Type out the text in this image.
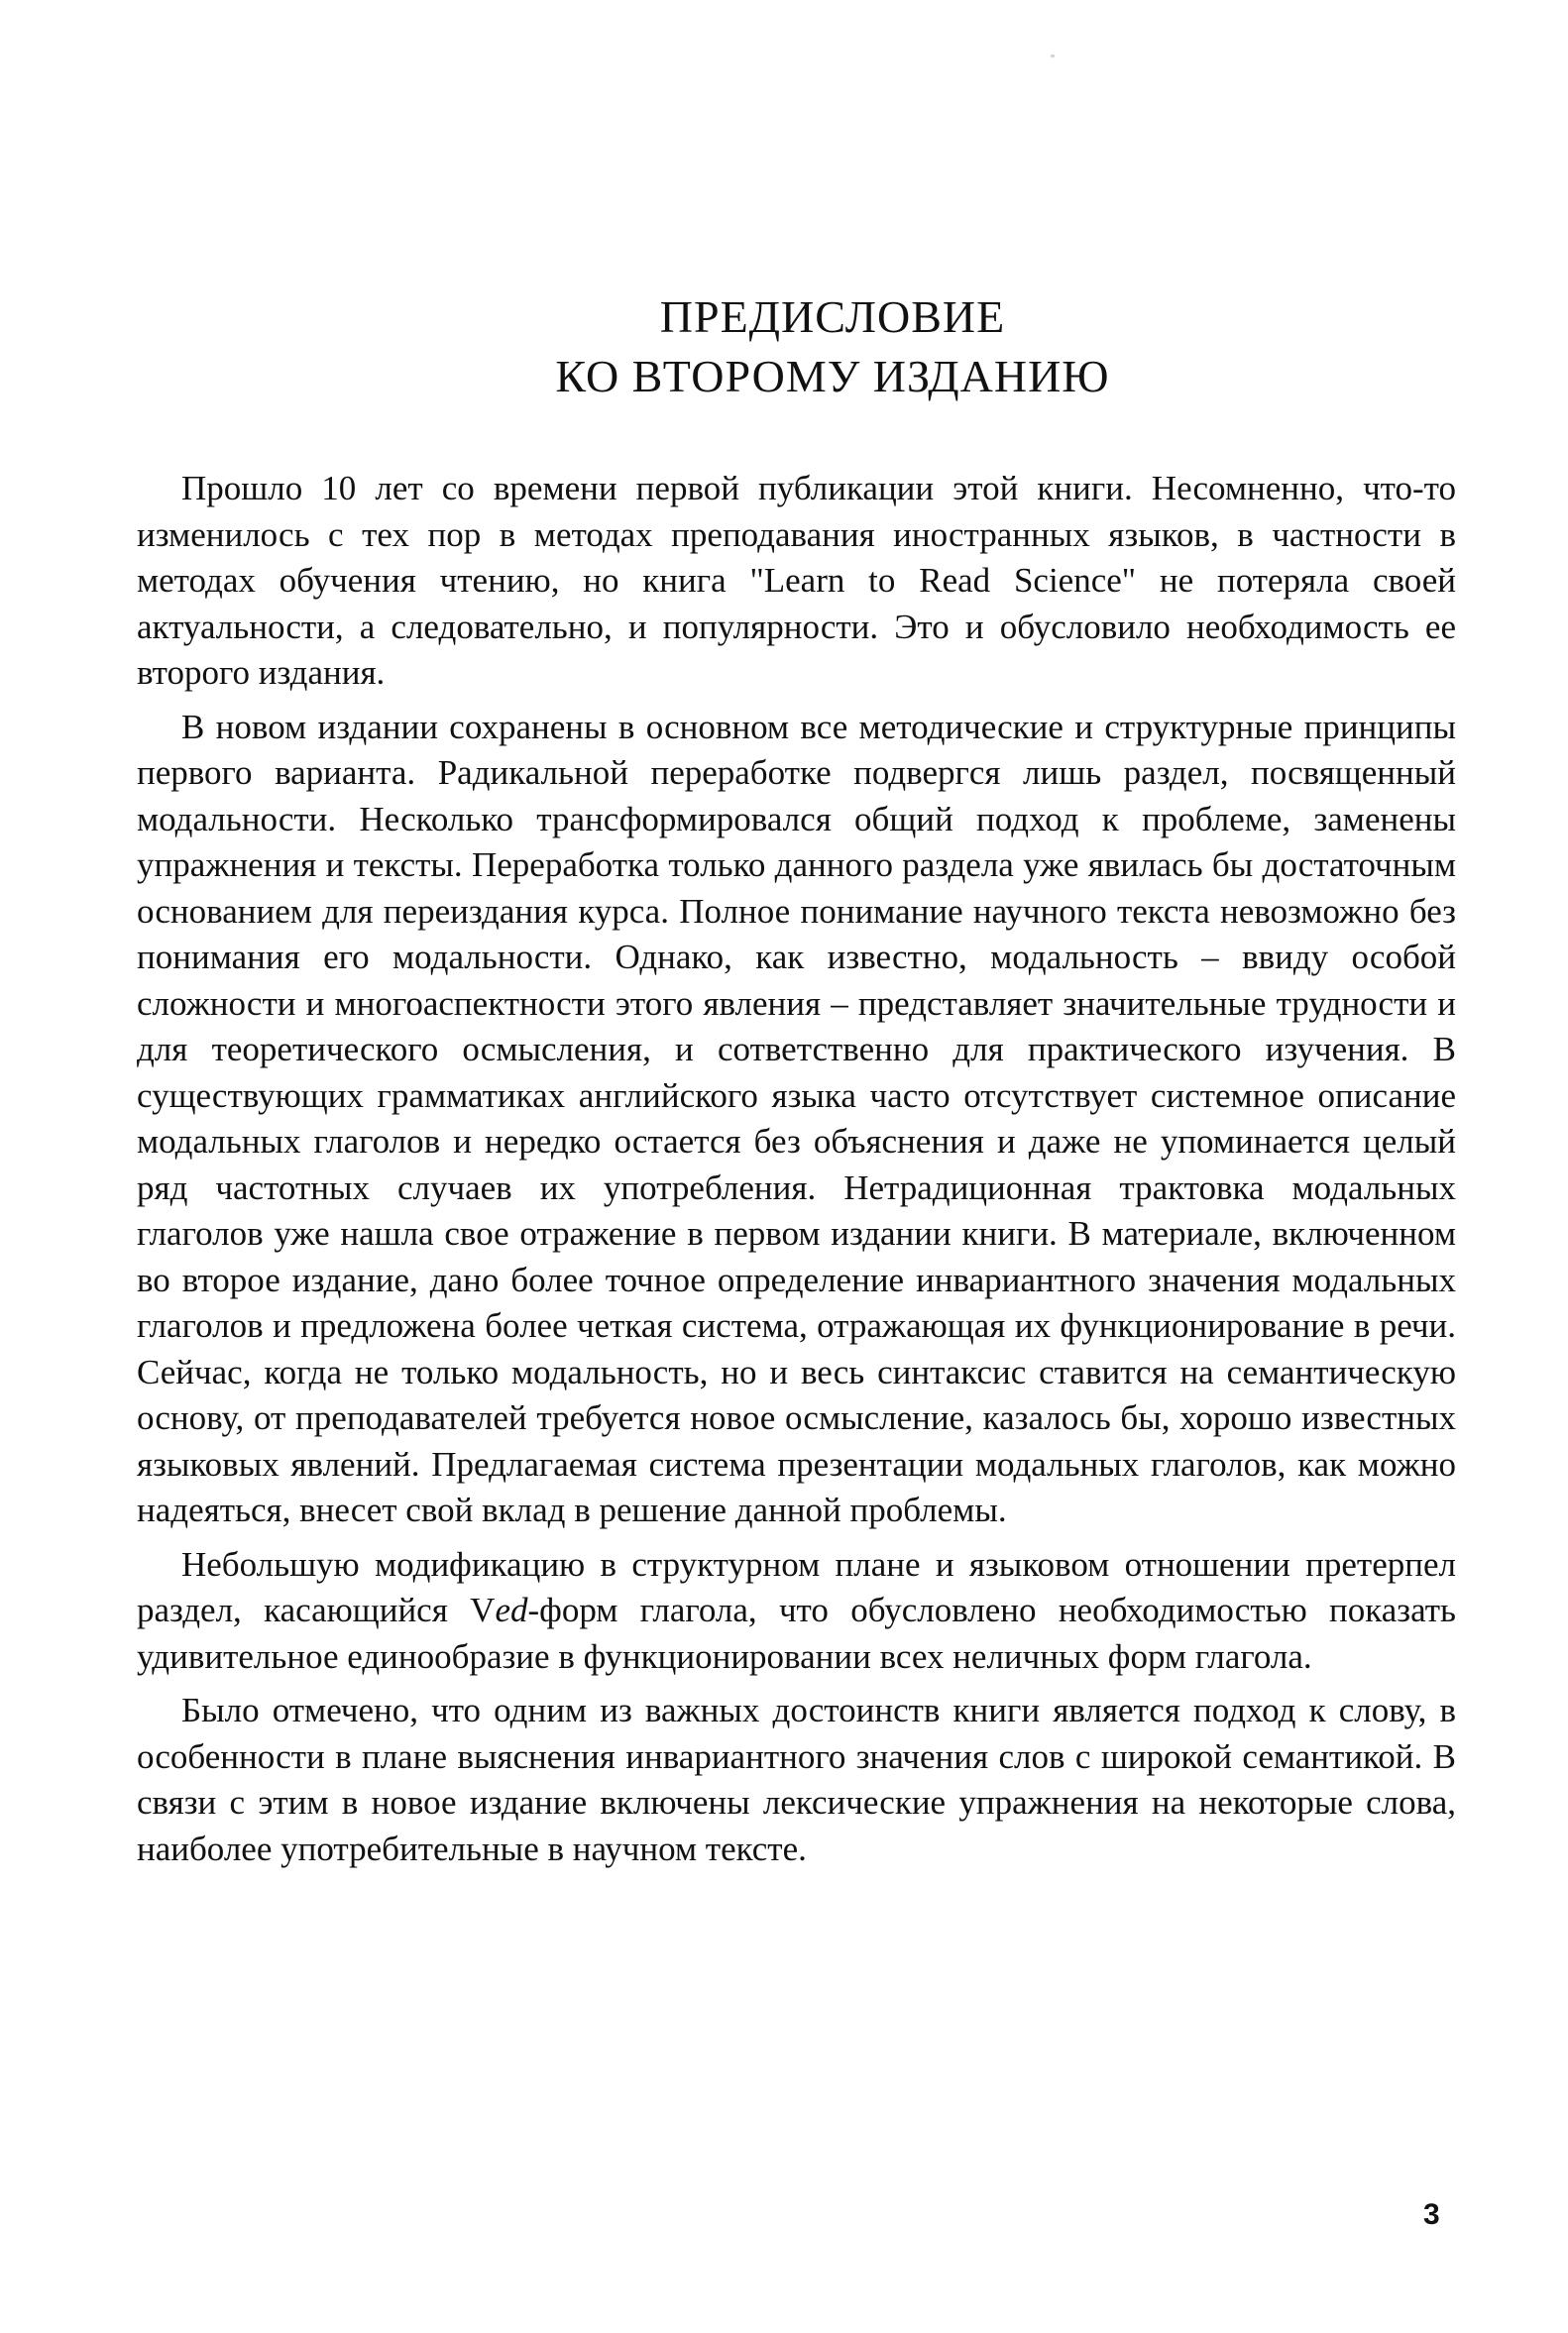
ПРЕДИСЛОВИЕ
КО ВТОРОМУ ИЗДАНИЮ

Прошло 10 лет со времени первой публикации этой книги. Несомненно, что-то изменилось с тех пор в методах преподавания иностранных языков, в частности в методах обучения чтению, но книга "Learn to Read Science" не потеряла своей актуальности, а следовательно, и популярности. Это и обусловило необходимость ее второго издания.

В новом издании сохранены в основном все методические и структурные принципы первого варианта. Радикальной переработке подвергся лишь раздел, посвященный модальности. Несколько трансформировался общий подход к проблеме, заменены упражнения и тексты. Переработка только данного раздела уже явилась бы достаточным основанием для переиздания курса. Полное понимание научного текста невозможно без понимания его модальности. Однако, как известно, модальность – ввиду особой сложности и многоаспектности этого явления – представляет значительные трудности и для теоретического осмысления, и сответственно для практического изучения. В существующих грамматиках английского языка часто отсутствует системное описание модальных глаголов и нередко остается без объяснения и даже не упоминается целый ряд частотных случаев их употребления. Нетрадиционная трактовка модальных глаголов уже нашла свое отражение в первом издании книги. В материале, включенном во второе издание, дано более точное определение инвариантного значения модальных глаголов и предложена более четкая система, отражающая их функционирование в речи. Сейчас, когда не только модальность, но и весь синтаксис ставится на семантическую основу, от преподавателей требуется новое осмысление, казалось бы, хорошо известных языковых явлений. Предлагаемая система презентации модальных глаголов, как можно надеяться, внесет свой вклад в решение данной проблемы.

Небольшую модификацию в структурном плане и языковом отношении претерпел раздел, касающийся Ved-форм глагола, что обусловлено необходимостью показать удивительное единообразие в функционировании всех неличных форм глагола.

Было отмечено, что одним из важных достоинств книги является подход к слову, в особенности в плане выяснения инвариантного значения слов с широкой семантикой. В связи с этим в новое издание включены лексические упражнения на некоторые слова, наиболее употребительные в научном тексте.

3
